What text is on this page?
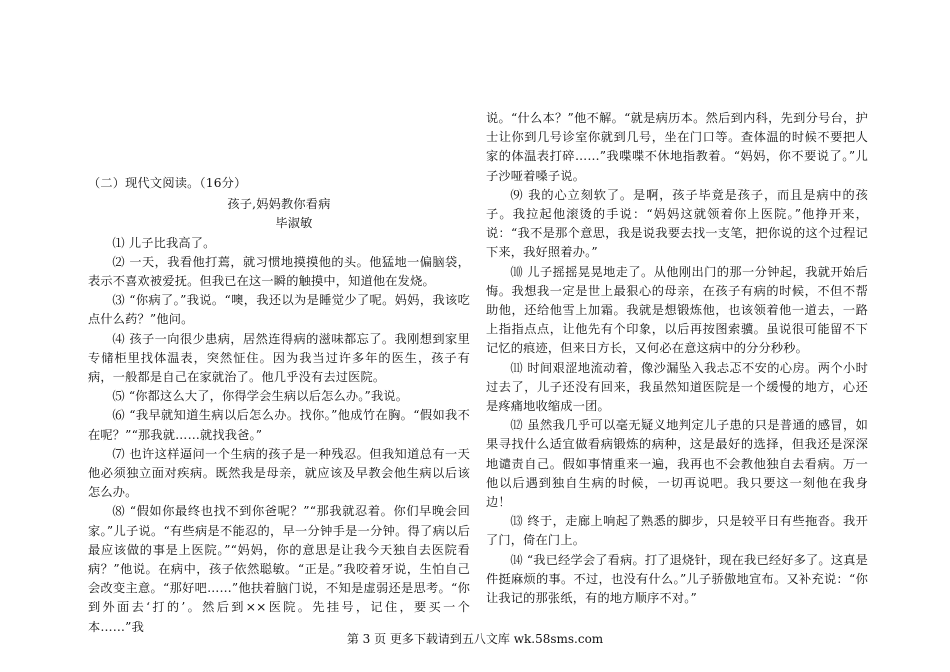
（二）现代文阅读。（16分）
孩子,妈妈教你看病
毕淑敏

⑴ 儿子比我高了。

⑵ 一天，我看他打蔫，就习惯地摸摸他的头。他猛地一偏脑袋，表示不喜欢被爱抚。但我已在这一瞬的触摸中，知道他在发烧。

⑶ “你病了。”我说。“噢，我还以为是睡觉少了呢。妈妈，我该吃点什么药？”他问。

⑷ 孩子一向很少患病，居然连得病的滋味都忘了。我刚想到家里专储柜里找体温表，突然怔住。因为我当过许多年的医生，孩子有病，一般都是自己在家就治了。他几乎没有去过医院。

⑸ “你都这么大了，你得学会生病以后怎么办。”我说。

⑹ “我早就知道生病以后怎么办。找你。”他成竹在胸。“假如我不在呢？”“那我就……就找我爸。”

⑺ 也许这样逼问一个生病的孩子是一种残忍。但我知道总有一天他必须独立面对疾病。既然我是母亲，就应该及早教会他生病以后该怎么办。

⑻ “假如你最终也找不到你爸呢？”“那我就忍着。你们早晚会回家。”儿子说。“有些病是不能忍的，早一分钟手是一分钟。得了病以后最应该做的事是上医院。”“妈妈，你的意思是让我今天独自去医院看病？”他说。在病中，孩子依然聪敏。“正是。”我咬着牙说，生怕自己会改变主意。“那好吧……”他扶着脑门说，不知是虚弱还是思考。“你到外面去‘打的’。然后到××医院。先挂号，记住，要买一个本……”我

说。“什么本？”他不解。“就是病历本。然后到内科，先到分号台，护士让你到几号诊室你就到几号，坐在门口等。查体温的时候不要把人家的体温表打碎……”我喋喋不休地指教着。“妈妈，你不要说了。”儿子沙哑着嗓子说。

⑼ 我的心立刻软了。是啊，孩子毕竟是孩子，而且是病中的孩子。我拉起他滚烫的手说：“妈妈这就领着你上医院。”他挣开来，说：“我不是那个意思，我是说我要去找一支笔，把你说的这个过程记下来，我好照着办。”

⑽ 儿子摇摇晃晃地走了。从他刚出门的那一分钟起，我就开始后悔。我想我一定是世上最狠心的母亲，在孩子有病的时候，不但不帮助他，还给他雪上加霜。我就是想锻炼他，也该领着他一道去，一路上指指点点，让他先有个印象，以后再按图索骥。虽说很可能留不下记忆的痕迹，但来日方长，又何必在意这病中的分分秒秒。

⑾ 时间艰涩地流动着，像沙漏坠入我忐忑不安的心房。两个小时过去了，儿子还没有回来，我虽然知道医院是一个缓慢的地方，心还是疼痛地收缩成一团。

⑿ 虽然我几乎可以毫无疑义地判定儿子患的只是普通的感冒，如果寻找什么适宜做看病锻炼的病种，这是最好的选择，但我还是深深地谴责自己。假如事情重来一遍，我再也不会教他独自去看病。万一他以后遇到独自生病的时候，一切再说吧。我只要这一刻他在我身边！

⒀ 终于，走廊上响起了熟悉的脚步，只是较平日有些拖沓。我开了门，倚在门上。

⒁ “我已经学会了看病。打了退烧针，现在我已经好多了。这真是件挺麻烦的事。不过，也没有什么。”儿子骄傲地宣布。又补充说：“你让我记的那张纸，有的地方顺序不对。”

第 3 页 更多下载请到五八文库 wk.58sms.com
